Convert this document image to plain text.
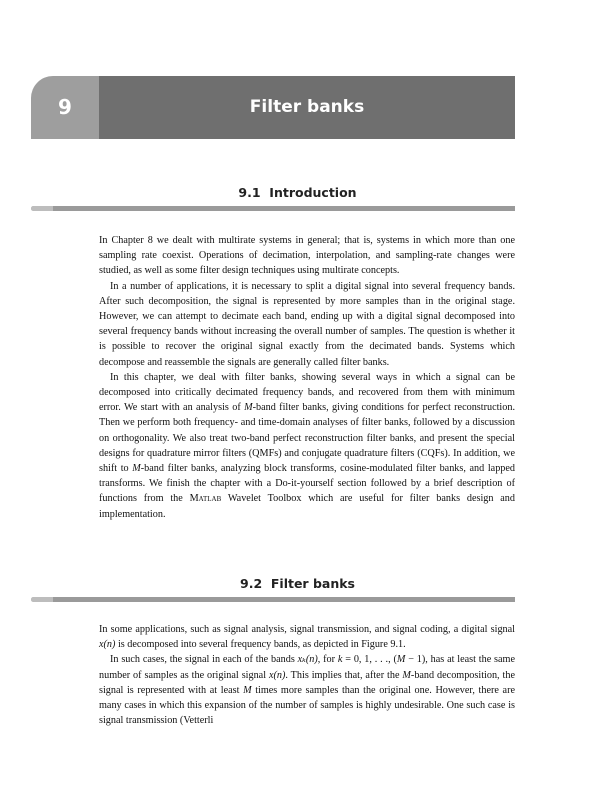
9	Filter banks
9.1 Introduction

In Chapter 8 we dealt with multirate systems in general; that is, systems in which more than one sampling rate coexist. Operations of decimation, interpolation, and sampling-rate changes were studied, as well as some filter design techniques using multirate concepts.

In a number of applications, it is necessary to split a digital signal into several frequency bands. After such decomposition, the signal is represented by more samples than in the original stage. However, we can attempt to decimate each band, ending up with a digital signal decomposed into several frequency bands without increasing the overall number of samples. The question is whether it is possible to recover the original signal exactly from the decimated bands. Systems which decompose and reassemble the signals are generally called filter banks.

In this chapter, we deal with filter banks, showing several ways in which a signal can be decomposed into critically decimated frequency bands, and recovered from them with minimum error. We start with an analysis of M-band filter banks, giving conditions for perfect reconstruction. Then we perform both frequency- and time-domain analyses of filter banks, followed by a discussion on orthogonality. We also treat two-band perfect reconstruction filter banks, and present the special designs for quadrature mirror filters (QMFs) and conjugate quadrature filters (CQFs). In addition, we shift to M-band filter banks, analyzing block transforms, cosine-modulated filter banks, and lapped transforms. We finish the chapter with a Do-it-yourself section followed by a brief description of functions from the Matlab Wavelet Toolbox which are useful for filter banks design and implementation.

9.2 Filter banks

In some applications, such as signal analysis, signal transmission, and signal coding, a digital signal x(n) is decomposed into several frequency bands, as depicted in Figure 9.1.

In such cases, the signal in each of the bands xₖ(n), for k = 0, 1, . . ., (M − 1), has at least the same number of samples as the original signal x(n). This implies that, after the M-band decomposition, the signal is represented with at least M times more samples than the original one. However, there are many cases in which this expansion of the number of samples is highly undesirable. One such case is signal transmission (Vetterli
